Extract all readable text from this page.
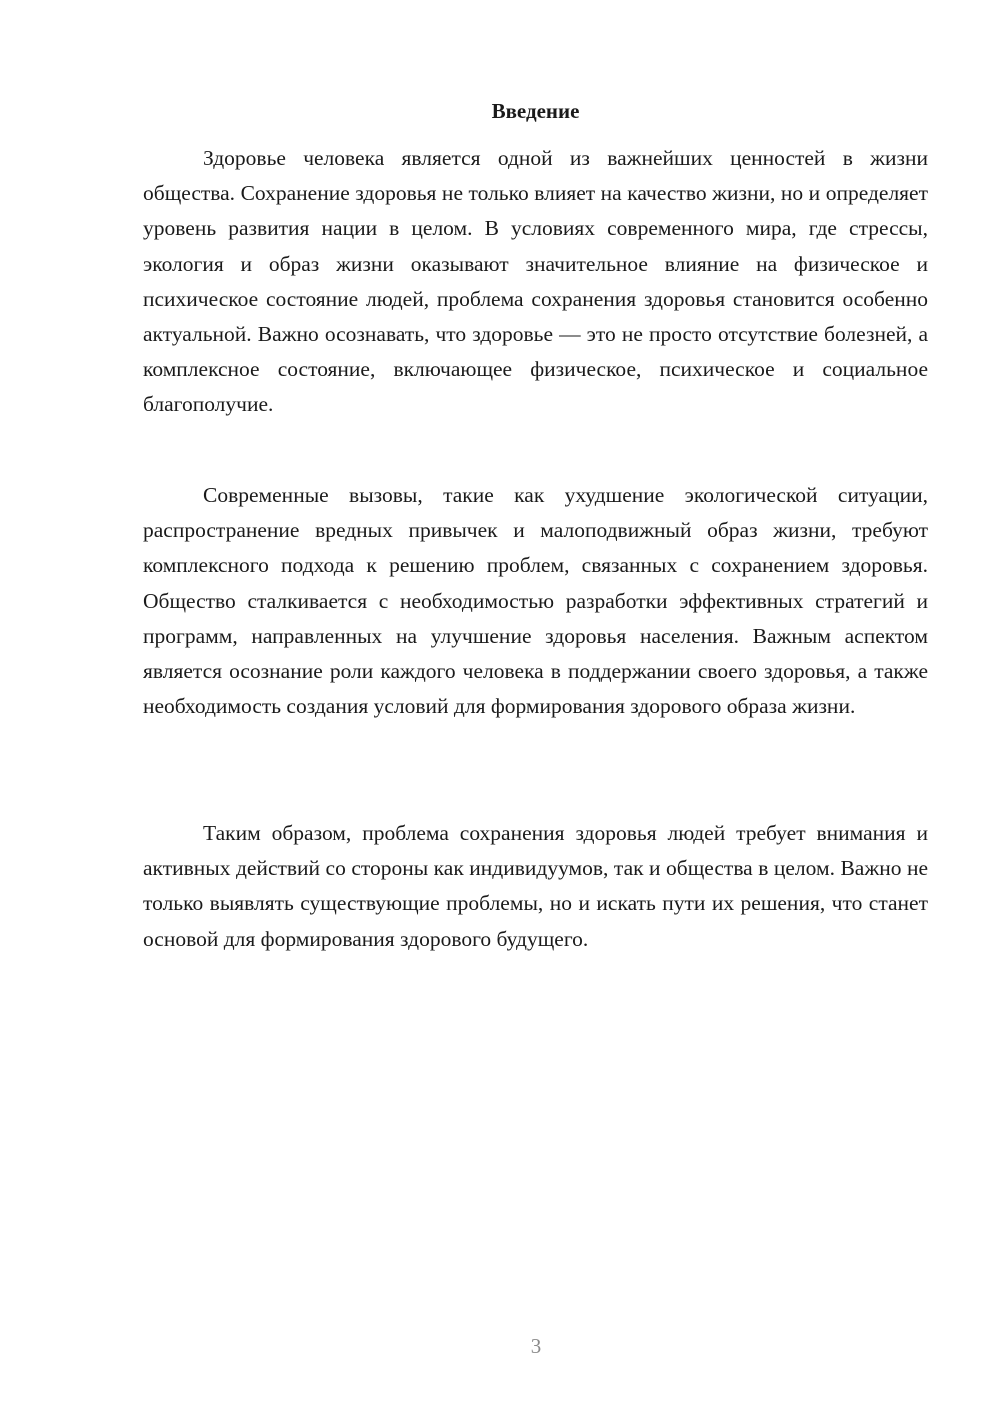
Введение

Здоровье человека является одной из важнейших ценностей в жизни общества. Сохранение здоровья не только влияет на качество жизни, но и определяет уровень развития нации в целом. В условиях современного мира, где стрессы, экология и образ жизни оказывают значительное влияние на физическое и психическое состояние людей, проблема сохранения здоровья становится особенно актуальной. Важно осознавать, что здоровье — это не просто отсутствие болезней, а комплексное состояние, включающее физическое, психическое и социальное благополучие.

Современные вызовы, такие как ухудшение экологической ситуации, распространение вредных привычек и малоподвижный образ жизни, требуют комплексного подхода к решению проблем, связанных с сохранением здоровья. Общество сталкивается с необходимостью разработки эффективных стратегий и программ, направленных на улучшение здоровья населения. Важным аспектом является осознание роли каждого человека в поддержании своего здоровья, а также необходимость создания условий для формирования здорового образа жизни.

Таким образом, проблема сохранения здоровья людей требует внимания и активных действий со стороны как индивидуумов, так и общества в целом. Важно не только выявлять существующие проблемы, но и искать пути их решения, что станет основой для формирования здорового будущего.

3
